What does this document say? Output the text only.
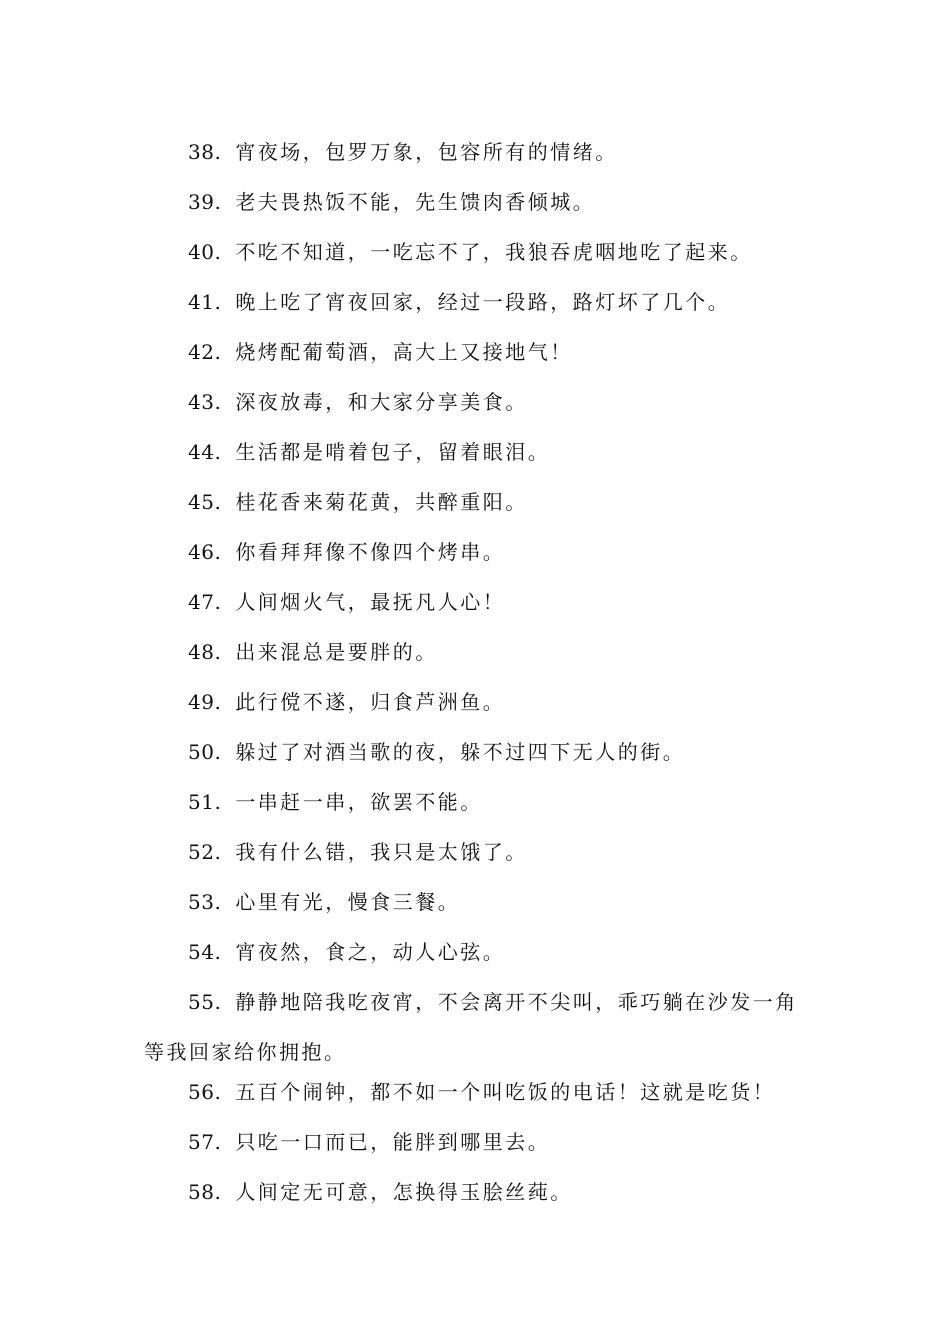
38. 宵夜场，包罗万象，包容所有的情绪。
39. 老夫畏热饭不能，先生馈肉香倾城。
40. 不吃不知道，一吃忘不了，我狼吞虎咽地吃了起来。
41. 晚上吃了宵夜回家，经过一段路，路灯坏了几个。
42. 烧烤配葡萄酒，高大上又接地气！
43. 深夜放毒，和大家分享美食。
44. 生活都是啃着包子，留着眼泪。
45. 桂花香来菊花黄，共醉重阳。
46. 你看拜拜像不像四个烤串。
47. 人间烟火气，最抚凡人心！
48. 出来混总是要胖的。
49. 此行傥不遂，归食芦洲鱼。
50. 躲过了对酒当歌的夜，躲不过四下无人的街。
51. 一串赶一串，欲罢不能。
52. 我有什么错，我只是太饿了。
53. 心里有光，慢食三餐。
54. 宵夜然，食之，动人心弦。
55. 静静地陪我吃夜宵，不会离开不尖叫，乖巧躺在沙发一角等我回家给你拥抱。
56. 五百个闹钟，都不如一个叫吃饭的电话！这就是吃货！
57. 只吃一口而已，能胖到哪里去。
58. 人间定无可意，怎换得玉脍丝莼。
